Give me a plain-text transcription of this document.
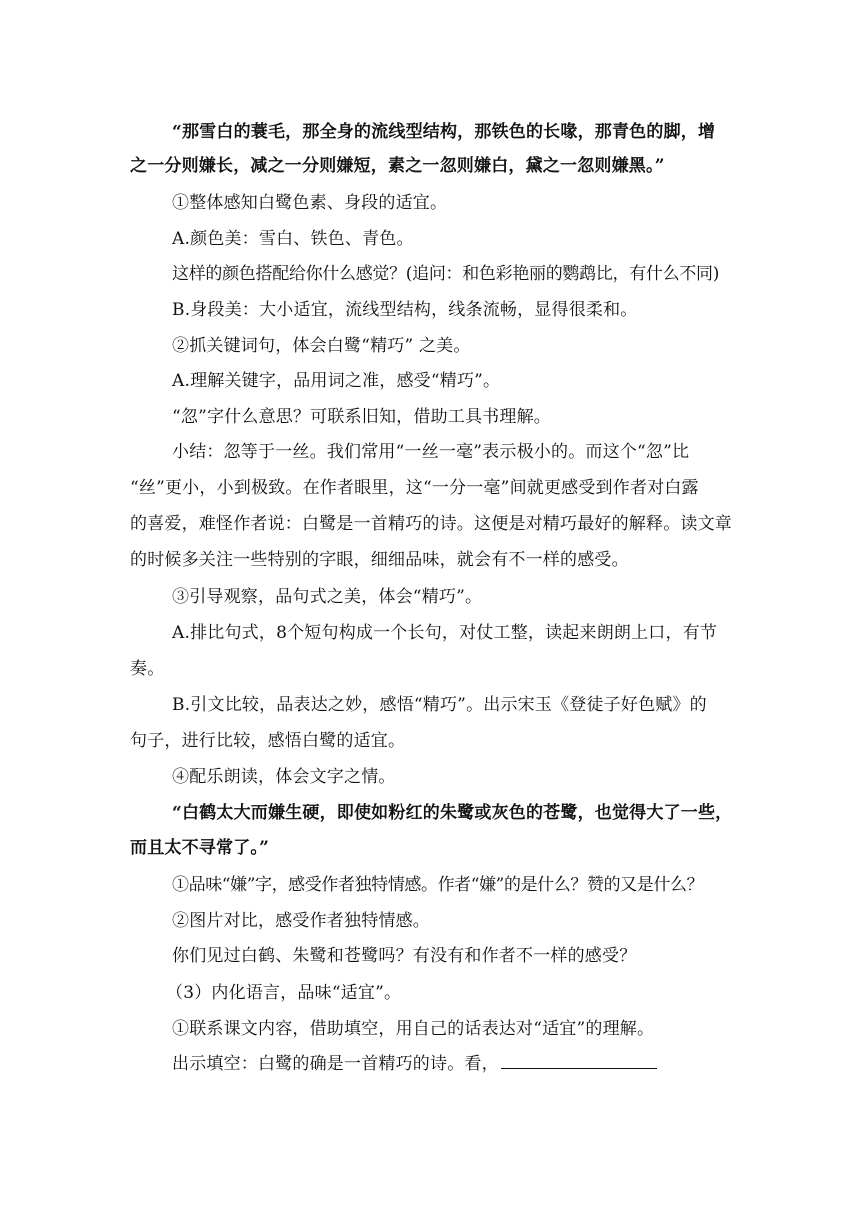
“那雪白的蓑毛，那全身的流线型结构，那铁色的长喙，那青色的脚，增
之一分则嫌长，减之一分则嫌短，素之一忽则嫌白，黛之一忽则嫌黑。”
①整体感知白鹭色素、身段的适宜。
A.颜色美：雪白、铁色、青色。
这样的颜色搭配给你什么感觉？(追问：和色彩艳丽的鹦鹉比，有什么不同)
B.身段美：大小适宜，流线型结构，线条流畅，显得很柔和。
②抓关键词句，体会白鹭“精巧” 之美。
A.理解关键字，品用词之准，感受“精巧”。
“忽”字什么意思？可联系旧知，借助工具书理解。
小结：忽等于一丝。我们常用“一丝一毫”表示极小的。而这个“忽”比
“丝”更小，小到极致。在作者眼里，这“一分一毫”间就更感受到作者对白露
的喜爱，难怪作者说：白鹭是一首精巧的诗。这便是对精巧最好的解释。读文章
的时候多关注一些特别的字眼，细细品味，就会有不一样的感受。
③引导观察，品句式之美，体会“精巧”。
A.排比句式，8个短句构成一个长句，对仗工整，读起来朗朗上口，有节
奏。
B.引文比较，品表达之妙，感悟“精巧”。出示宋玉《登徒子好色赋》的
句子，进行比较，感悟白鹭的适宜。
④配乐朗读，体会文字之情。
“白鹤太大而嫌生硬，即使如粉红的朱鹭或灰色的苍鹭，也觉得大了一些，
而且太不寻常了。”
①品味“嫌”字，感受作者独特情感。作者“嫌”的是什么？赞的又是什么？
②图片对比，感受作者独特情感。
你们见过白鹤、朱鹭和苍鹭吗？有没有和作者不一样的感受？
（3）内化语言，品味“适宜”。
①联系课文内容，借助填空，用自己的话表达对“适宜”的理解。
出示填空：白鹭的确是一首精巧的诗。看，
